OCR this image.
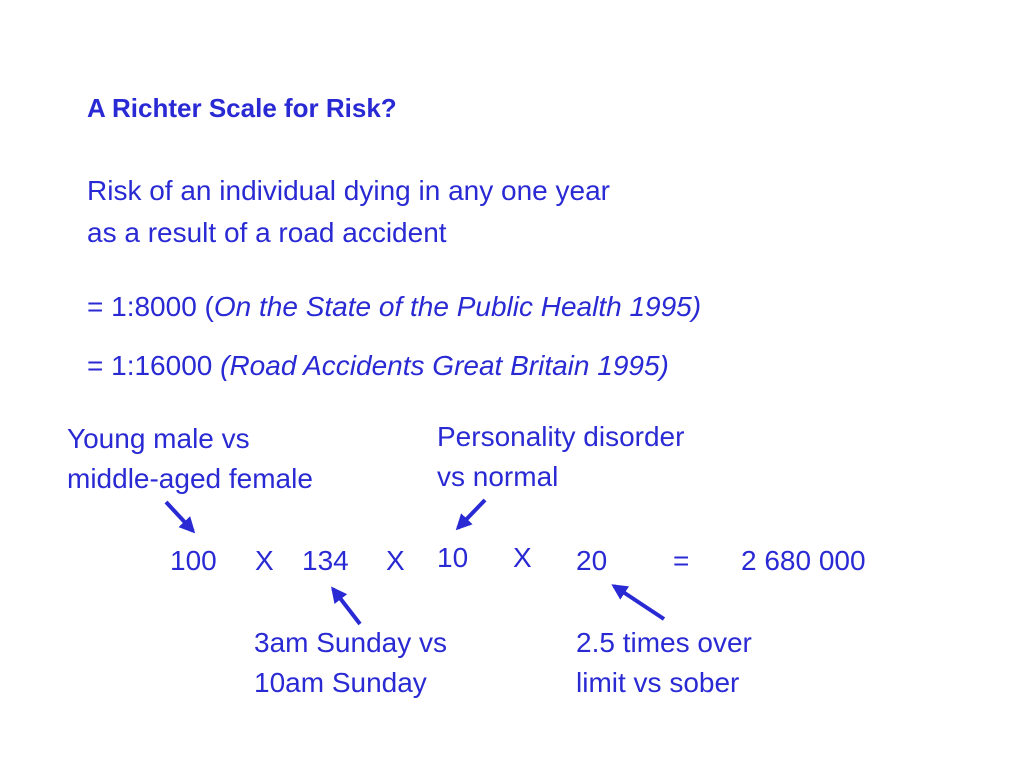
A Richter Scale for Risk?
Risk of an individual dying in any one year
as a result of a road accident
= 1:8000 (On the State of the Public Health 1995)
= 1:16000 (Road Accidents Great Britain 1995)
Young male vs
middle-aged female
Personality disorder
vs normal
100 X 134 X 10 X 20 = 2 680 000
3am Sunday vs
10am Sunday
2.5 times over
limit vs sober
